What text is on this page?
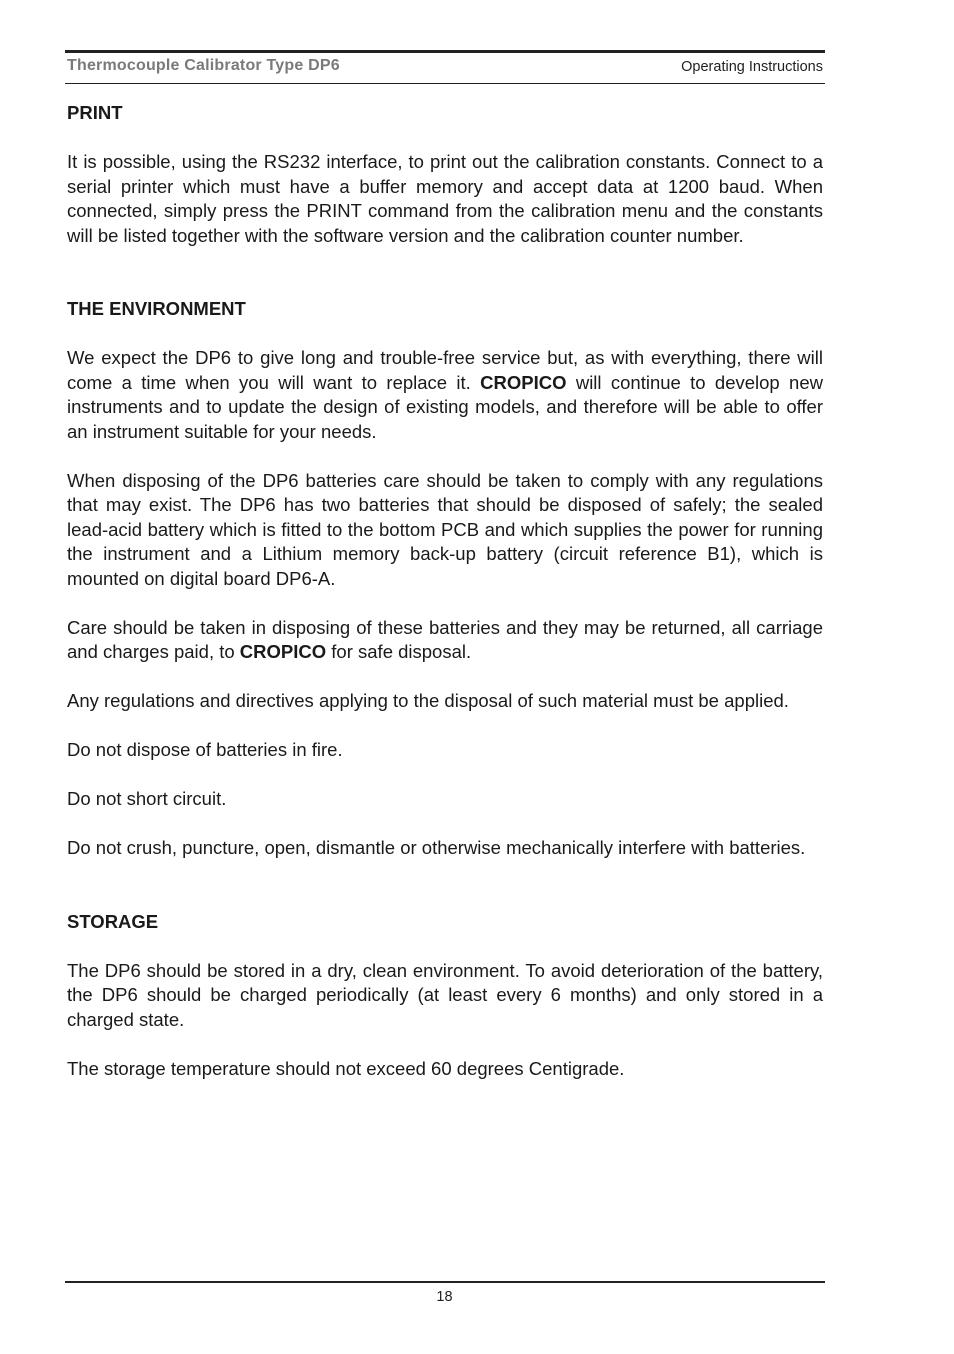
Thermocouple Calibrator Type DP6	Operating Instructions
PRINT

It is possible, using the RS232 interface, to print out the calibration constants. Connect to a serial printer which must have a buffer memory and accept data at 1200 baud. When connected, simply press the PRINT command from the calibration menu and the constants will be listed together with the software version and the calibration counter number.

THE ENVIRONMENT

We expect the DP6 to give long and trouble-free service but, as with everything, there will come a time when you will want to replace it. CROPICO will continue to develop new instruments and to update the design of existing models, and therefore will be able to offer an instrument suitable for your needs.

When disposing of the DP6 batteries care should be taken to comply with any regulations that may exist. The DP6 has two batteries that should be disposed of safely; the sealed lead-acid battery which is fitted to the bottom PCB and which supplies the power for running the instrument and a Lithium memory back-up battery (circuit reference B1), which is mounted on digital board DP6-A.

Care should be taken in disposing of these batteries and they may be returned, all carriage and charges paid, to CROPICO for safe disposal.

Any regulations and directives applying to the disposal of such material must be applied.

Do not dispose of batteries in fire.

Do not short circuit.

Do not crush, puncture, open, dismantle or otherwise mechanically interfere with batteries.

STORAGE

The DP6 should be stored in a dry, clean environment. To avoid deterioration of the battery, the DP6 should be charged periodically (at least every 6 months) and only stored in a charged state.

The storage temperature should not exceed 60 degrees Centigrade.

18
